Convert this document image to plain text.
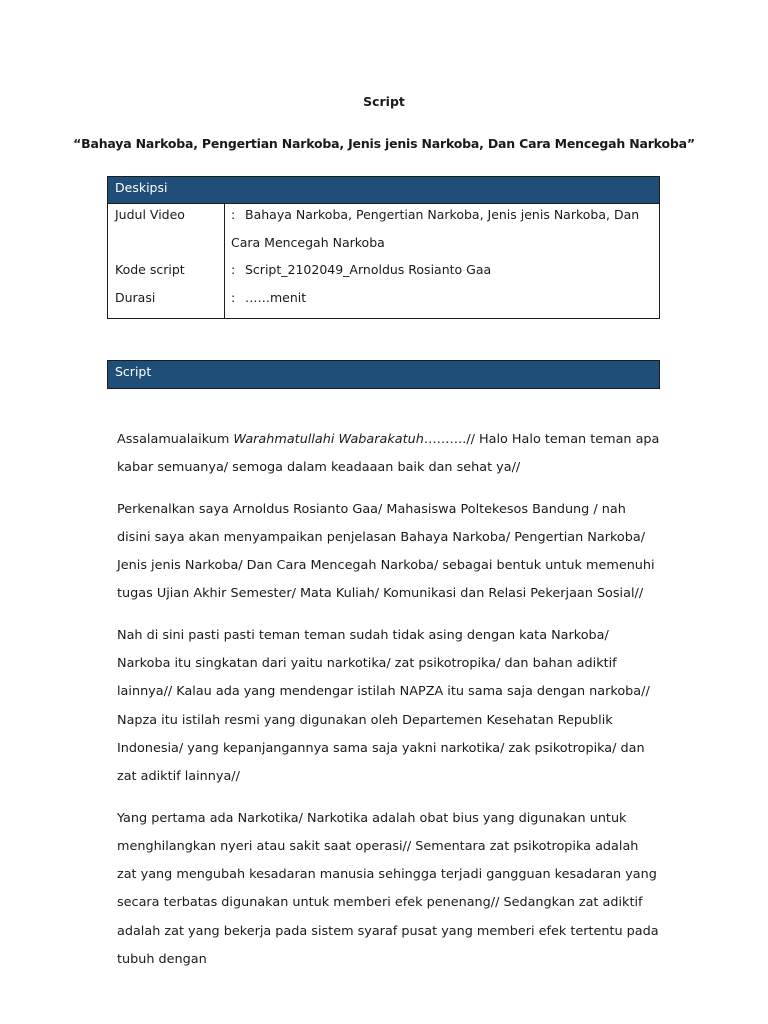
Script
“Bahaya Narkoba, Pengertian Narkoba, Jenis jenis Narkoba, Dan Cara Mencegah Narkoba”
Deskipsi
Judul Video	: Bahaya Narkoba, Pengertian Narkoba, Jenis jenis Narkoba, Dan
Cara Mencegah Narkoba
Kode script	: Script_2102049_Arnoldus Rosianto Gaa
Durasi	: ……menit
Script

Assalamualaikum Warahmatullahi Wabarakatuh……….// Halo Halo teman teman apa kabar semuanya/ semoga dalam keadaaan baik dan sehat ya//

Perkenalkan saya Arnoldus Rosianto Gaa/ Mahasiswa Poltekesos Bandung / nah disini saya akan menyampaikan penjelasan Bahaya Narkoba/ Pengertian Narkoba/ Jenis jenis Narkoba/ Dan Cara Mencegah Narkoba/ sebagai bentuk untuk memenuhi tugas Ujian Akhir Semester/ Mata Kuliah/ Komunikasi dan Relasi Pekerjaan Sosial//

Nah di sini pasti pasti teman teman sudah tidak asing dengan kata Narkoba/ Narkoba itu singkatan dari yaitu narkotika/ zat psikotropika/ dan bahan adiktif lainnya// Kalau ada yang mendengar istilah NAPZA itu sama saja dengan narkoba// Napza itu istilah resmi yang digunakan oleh Departemen Kesehatan Republik Indonesia/ yang kepanjangannya sama saja yakni narkotika/ zak psikotropika/ dan zat adiktif lainnya//

Yang pertama ada Narkotika/ Narkotika adalah obat bius yang digunakan untuk menghilangkan nyeri atau sakit saat operasi// Sementara zat psikotropika adalah zat yang mengubah kesadaran manusia sehingga terjadi gangguan kesadaran yang secara terbatas digunakan untuk memberi efek penenang// Sedangkan zat adiktif adalah zat yang bekerja pada sistem syaraf pusat yang memberi efek tertentu pada tubuh dengan
